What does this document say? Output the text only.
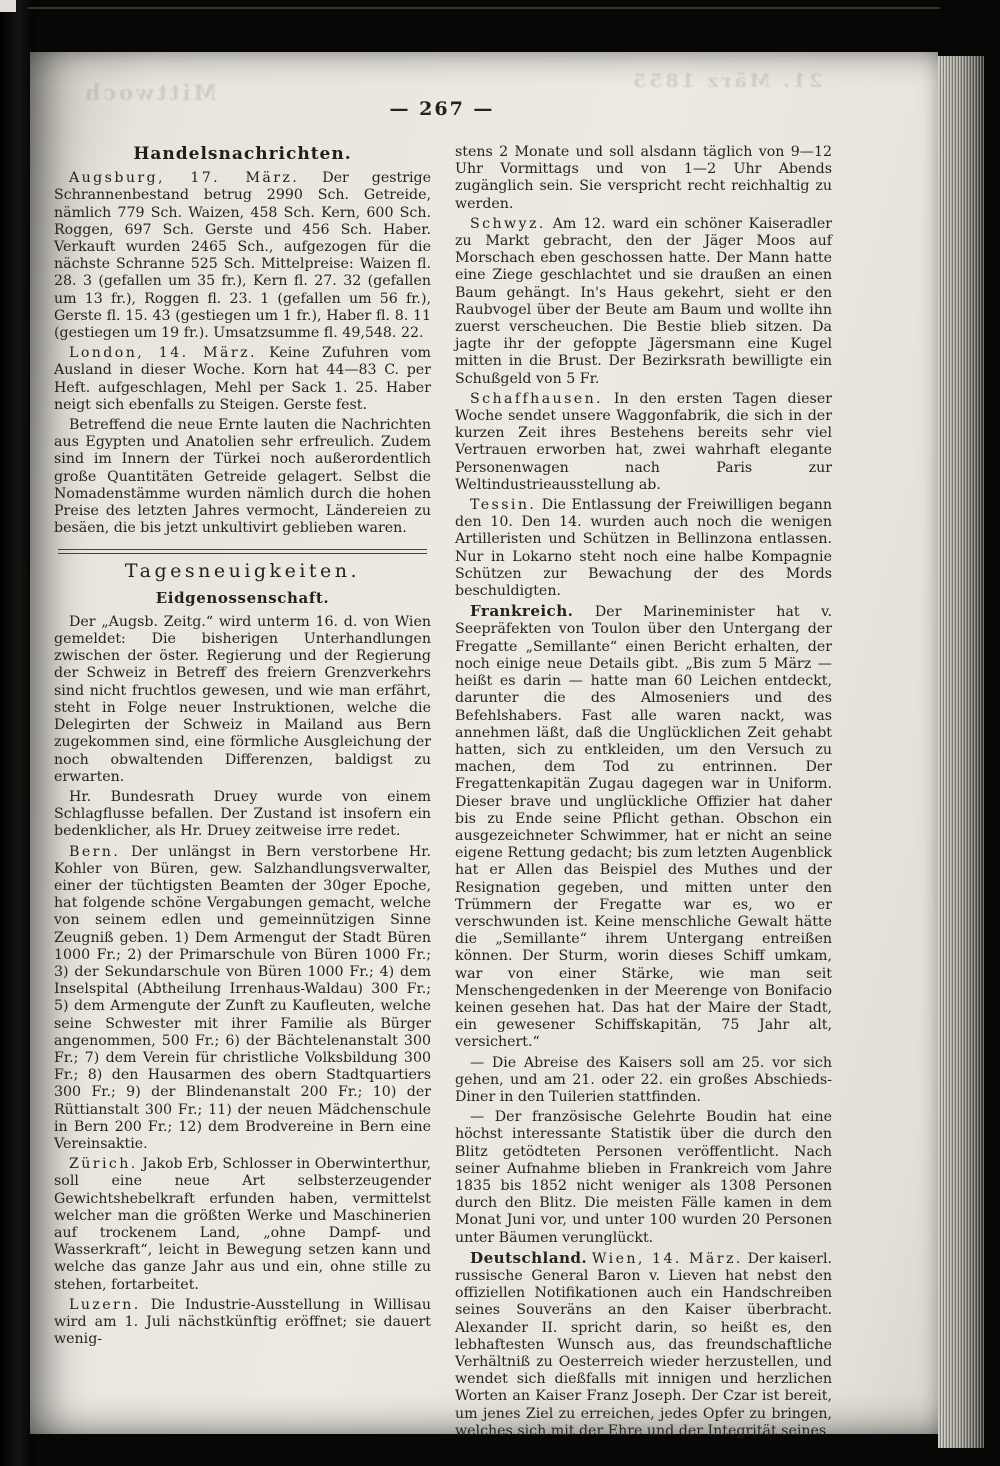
Mittwoch	21. März 1855
— 267 —
Handelsnachrichten.

Augsburg, 17. März. Der gestrige Schrannenbestand betrug 2990 Sch. Getreide, nämlich 779 Sch. Waizen, 458 Sch. Kern, 600 Sch. Roggen, 697 Sch. Gerste und 456 Sch. Haber. Verkauft wurden 2465 Sch., aufgezogen für die nächste Schranne 525 Sch. Mittelpreise: Waizen fl. 28. 3 (gefallen um 35 fr.), Kern fl. 27. 32 (gefallen um 13 fr.), Roggen fl. 23. 1 (gefallen um 56 fr.), Gerste fl. 15. 43 (gestiegen um 1 fr.), Haber fl. 8. 11 (gestiegen um 19 fr.). Umsatzsumme fl. 49,548. 22.

London, 14. März. Keine Zufuhren vom Ausland in dieser Woche. Korn hat 44—83 C. per Heft. aufgeschlagen, Mehl per Sack 1. 25. Haber neigt sich ebenfalls zu Steigen. Gerste fest.

Betreffend die neue Ernte lauten die Nachrichten aus Egypten und Anatolien sehr erfreulich. Zudem sind im Innern der Türkei noch außerordentlich große Quantitäten Getreide gelagert. Selbst die Nomadenstämme wurden nämlich durch die hohen Preise des letzten Jahres vermocht, Ländereien zu besäen, die bis jetzt unkultivirt geblieben waren.

Tagesneuigkeiten.
Eidgenossenschaft.

Der „Augsb. Zeitg.“ wird unterm 16. d. von Wien gemeldet: Die bisherigen Unterhandlungen zwischen der öster. Regierung und der Regierung der Schweiz in Betreff des freiern Grenzverkehrs sind nicht fruchtlos gewesen, und wie man erfährt, steht in Folge neuer Instruktionen, welche die Delegirten der Schweiz in Mailand aus Bern zugekommen sind, eine förmliche Ausgleichung der noch obwaltenden Differenzen, baldigst zu erwarten.

Hr. Bundesrath Druey wurde von einem Schlagflusse befallen. Der Zustand ist insofern ein bedenklicher, als Hr. Druey zeitweise irre redet.

Bern. Der unlängst in Bern verstorbene Hr. Kohler von Büren, gew. Salzhandlungsverwalter, einer der tüchtigsten Beamten der 30ger Epoche, hat folgende schöne Vergabungen gemacht, welche von seinem edlen und gemeinnützigen Sinne Zeugniß geben. 1) Dem Armengut der Stadt Büren 1000 Fr.; 2) der Primarschule von Büren 1000 Fr.; 3) der Sekundarschule von Büren 1000 Fr.; 4) dem Inselspital (Abtheilung Irrenhaus-Waldau) 300 Fr.; 5) dem Armengute der Zunft zu Kaufleuten, welche seine Schwester mit ihrer Familie als Bürger angenommen, 500 Fr.; 6) der Bächtelenanstalt 300 Fr.; 7) dem Verein für christliche Volksbildung 300 Fr.; 8) den Hausarmen des obern Stadtquartiers 300 Fr.; 9) der Blindenanstalt 200 Fr.; 10) der Rüttianstalt 300 Fr.; 11) der neuen Mädchenschule in Bern 200 Fr.; 12) dem Brodvereine in Bern eine Vereinsaktie.

Zürich. Jakob Erb, Schlosser in Oberwinterthur, soll eine neue Art selbsterzeugender Gewichtshebelkraft erfunden haben, vermittelst welcher man die größten Werke und Maschinerien auf trockenem Land, „ohne Dampf- und Wasserkraft“, leicht in Bewegung setzen kann und welche das ganze Jahr aus und ein, ohne stille zu stehen, fortarbeitet.

Luzern. Die Industrie-Ausstellung in Willisau wird am 1. Juli nächstkünftig eröffnet; sie dauert wenig-

stens 2 Monate und soll alsdann täglich von 9—12 Uhr Vormittags und von 1—2 Uhr Abends zugänglich sein. Sie verspricht recht reichhaltig zu werden.

Schwyz. Am 12. ward ein schöner Kaiseradler zu Markt gebracht, den der Jäger Moos auf Morschach eben geschossen hatte. Der Mann hatte eine Ziege geschlachtet und sie draußen an einen Baum gehängt. In's Haus gekehrt, sieht er den Raubvogel über der Beute am Baum und wollte ihn zuerst verscheuchen. Die Bestie blieb sitzen. Da jagte ihr der gefoppte Jägersmann eine Kugel mitten in die Brust. Der Bezirksrath bewilligte ein Schußgeld von 5 Fr.

Schaffhausen. In den ersten Tagen dieser Woche sendet unsere Waggonfabrik, die sich in der kurzen Zeit ihres Bestehens bereits sehr viel Vertrauen erworben hat, zwei wahrhaft elegante Personenwagen nach Paris zur Weltindustrieausstellung ab.

Tessin. Die Entlassung der Freiwilligen begann den 10. Den 14. wurden auch noch die wenigen Artilleristen und Schützen in Bellinzona entlassen. Nur in Lokarno steht noch eine halbe Kompagnie Schützen zur Bewachung der des Mords beschuldigten.

Frankreich. Der Marineminister hat v. Seepräfekten von Toulon über den Untergang der Fregatte „Semillante“ einen Bericht erhalten, der noch einige neue Details gibt. „Bis zum 5 März — heißt es darin — hatte man 60 Leichen entdeckt, darunter die des Almoseniers und des Befehlshabers. Fast alle waren nackt, was annehmen läßt, daß die Unglücklichen Zeit gehabt hatten, sich zu entkleiden, um den Versuch zu machen, dem Tod zu entrinnen. Der Fregattenkapitän Zugau dagegen war in Uniform. Dieser brave und unglückliche Offizier hat daher bis zu Ende seine Pflicht gethan. Obschon ein ausgezeichneter Schwimmer, hat er nicht an seine eigene Rettung gedacht; bis zum letzten Augenblick hat er Allen das Beispiel des Muthes und der Resignation gegeben, und mitten unter den Trümmern der Fregatte war es, wo er verschwunden ist. Keine menschliche Gewalt hätte die „Semillante“ ihrem Untergang entreißen können. Der Sturm, worin dieses Schiff umkam, war von einer Stärke, wie man seit Menschengedenken in der Meerenge von Bonifacio keinen gesehen hat. Das hat der Maire der Stadt, ein gewesener Schiffskapitän, 75 Jahr alt, versichert.“

— Die Abreise des Kaisers soll am 25. vor sich gehen, und am 21. oder 22. ein großes Abschieds-Diner in den Tuilerien stattfinden.

— Der französische Gelehrte Boudin hat eine höchst interessante Statistik über die durch den Blitz getödteten Personen veröffentlicht. Nach seiner Aufnahme blieben in Frankreich vom Jahre 1835 bis 1852 nicht weniger als 1308 Personen durch den Blitz. Die meisten Fälle kamen in dem Monat Juni vor, und unter 100 wurden 20 Personen unter Bäumen verunglückt.

Deutschland. Wien, 14. März. Der kaiserl. russische General Baron v. Lieven hat nebst den offiziellen Notifikationen auch ein Handschreiben seines Souveräns an den Kaiser überbracht. Alexander II. spricht darin, so heißt es, den lebhaftesten Wunsch aus, das freundschaftliche Verhältniß zu Oesterreich wieder herzustellen, und wendet sich dießfalls mit innigen und herzlichen Worten an Kaiser Franz Joseph. Der Czar ist bereit, um jenes Ziel zu erreichen, jedes Opfer zu bringen, welches sich mit der Ehre und der Integrität seines
